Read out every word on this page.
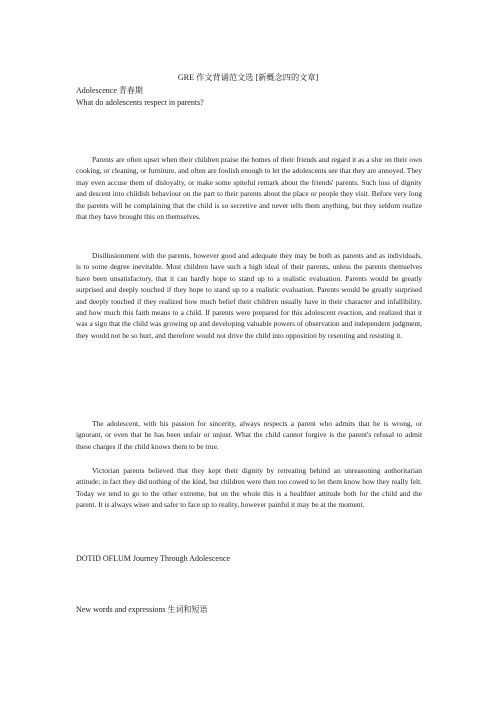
GRE 作文背诵范文选 [新概念四的文章]
Adolescence 青春期
What do adolescents respect in parents?

Parents are often upset when their children praise the homes of their friends and regard it as a slur on their own cooking, or cleaning, or furniture, and often are foolish enough to let the adolescents see that they are annoyed. They may even accuse them of disloyalty, or make some spiteful remark about the friends' parents. Such loss of dignity and descent into childish behaviour on the part to their parents about the place or people they visit. Before very long the parents will be complaining that the child is so secretive and never tells them anything, but they seldom realize that they have brought this on themselves.

Disillusionment with the parents, however good and adequate they may be both as parents and as individuals, is to some degree inevitable. Most children have such a high ideal of their parents, unless the parents themselves have been unsatisfactory, that it can hardly hope to stand up to a realistic evaluation. Parents would be greatly surprised and deeply touched if they hope to stand up to a realistic evaluation. Parents would be greatly surprised and deeply touched if they realized how much belief their children usually have in their character and infallibility, and how much this faith means to a child. If parents were prepared for this adolescent reaction, and realized that it was a sign that the child was growing up and developing valuable powers of observation and independent judgment, they would not be so hurt, and therefore would not drive the child into opposition by resenting and resisting it.

The adolescent, with his passion for sincerity, always respects a parent who admits that he is wrong, or ignorant, or even that he has been unfair or unjust. What the child cannot forgive is the parent's refusal to admit these charges if the child knows them to be true.

Victorian parents believed that they kept their dignity by retreating behind an unreasoning authoritarian attitude; in fact they did nothing of the kind, but children were then too cowed to let them know how they really felt. Today we tend to go to the other extreme, but on the whole this is a healthier attitude both for the child and the parent. It is always wiser and safer to face up to reality, however painful it may be at the moment.

DOTID OFLUM Journey Through Adolescence
New words and expressions 生词和短语
